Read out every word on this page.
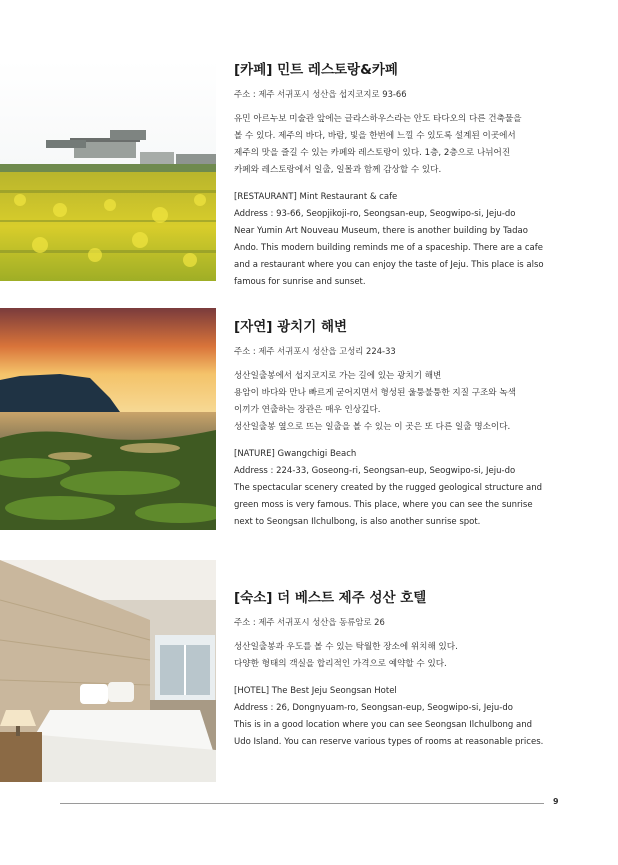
[카페] 민트 레스토랑&카페
주소 : 제주 서귀포시 성산읍 섭지코지로 93-66

유민 아르누보 미술관 앞에는 글라스하우스라는 안도 타다오의 다른 건축물을

볼 수 있다. 제주의 바다, 바람, 빛을 한번에 느낄 수 있도록 설계된 이곳에서

제주의 맛을 즐길 수 있는 카페와 레스토랑이 있다. 1층, 2층으로 나뉘어진

카페와 레스토랑에서 일출, 일몰과 함께 감상할 수 있다.

[RESTAURANT] Mint Restaurant & cafe

Address : 93-66, Seopjikoji-ro, Seongsan-eup, Seogwipo-si, Jeju-do

Near Yumin Art Nouveau Museum, there is another building by Tadao

Ando. This modern building reminds me of a spaceship. There are a cafe

and a restaurant where you can enjoy the taste of Jeju. This place is also

famous for sunrise and sunset.

[자연] 광치기 해변
주소 : 제주 서귀포시 성산읍 고성리 224-33

성산일출봉에서 섭지코지로 가는 길에 있는 광치기 해변

용암이 바다와 만나 빠르게 굳어지면서 형성된 울퉁불퉁한 지질 구조와 녹색

이끼가 연출하는 장관은 매우 인상깊다.

성산일출봉 옆으로 뜨는 일출을 볼 수 있는 이 곳은 또 다른 일출 명소이다.

[NATURE] Gwangchigi Beach

Address : 224-33, Goseong-ri, Seongsan-eup, Seogwipo-si, Jeju-do

The spectacular scenery created by the rugged geological structure and

green moss is very famous. This place, where you can see the sunrise

next to Seongsan Ilchulbong, is also another sunrise spot.

[숙소] 더 베스트 제주 성산 호텔
주소 : 제주 서귀포시 성산읍 동류암로 26

성산일출봉과 우도를 볼 수 있는 탁월한 장소에 위치해 있다.

다양한 형태의 객실을 합리적인 가격으로 예약할 수 있다.

[HOTEL] The Best Jeju Seongsan Hotel

Address : 26, Dongnyuam-ro, Seongsan-eup, Seogwipo-si, Jeju-do

This is in a good location where you can see Seongsan Ilchulbong and

Udo Island. You can reserve various types of rooms at reasonable prices.

9
